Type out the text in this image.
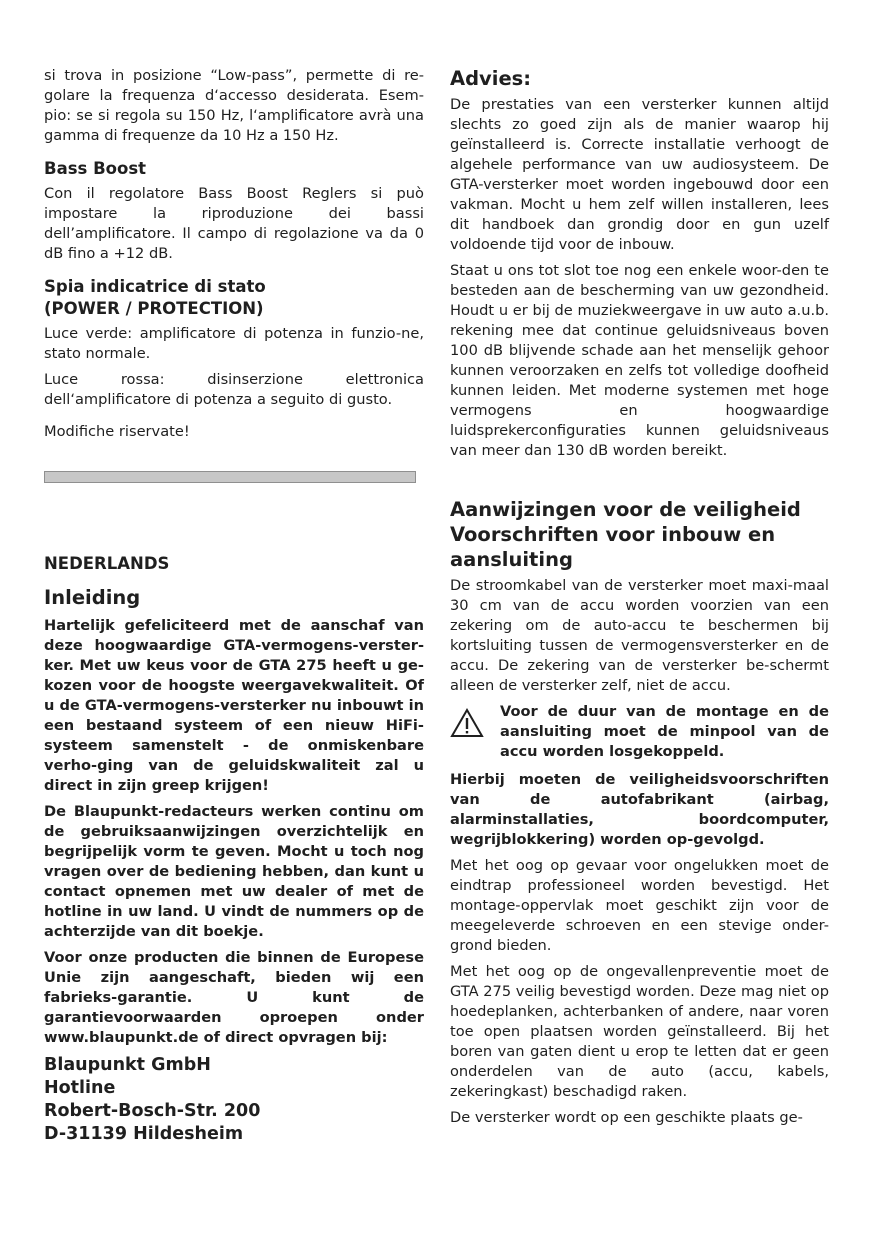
si trova in posizione “Low-pass”, permette di re-golare la frequenza d‘accesso desiderata. Esem-pio: se si regola su 150 Hz, l‘amplificatore avrà una gamma di frequenze da 10 Hz a 150 Hz.

Bass Boost

Con il regolatore Bass Boost Reglers si può impostare la riproduzione dei bassi dell’amplificatore. Il campo di regolazione va da 0 dB fino a +12 dB.

Spia indicatrice di stato
(POWER / PROTECTION)

Luce verde: amplificatore di potenza in funzio-ne, stato normale.

Luce rossa: disinserzione elettronica dell‘amplificatore di potenza a seguito di gusto.

Modifiche riservate!

NEDERLANDS
Inleiding

Hartelijk gefeliciteerd met de aanschaf van deze hoogwaardige GTA-vermogens-verster-ker. Met uw keus voor de GTA 275 heeft u ge-kozen voor de hoogste weergavekwaliteit. Of u de GTA-vermogens-versterker nu inbouwt in een bestaand systeem of een nieuw HiFi-systeem samenstelt - de onmiskenbare verho-ging van de geluidskwaliteit zal u direct in zijn greep krijgen!

De Blaupunkt-redacteurs werken continu om de gebruiksaanwijzingen overzichtelijk en begrijpelijk vorm te geven. Mocht u toch nog vragen over de bediening hebben, dan kunt u contact opnemen met uw dealer of met de hotline in uw land. U vindt de nummers op de achterzijde van dit boekje.

Voor onze producten die binnen de Europese Unie zijn aangeschaft, bieden wij een fabrieks-garantie. U kunt de garantievoorwaarden oproepen onder www.blaupunkt.de of direct opvragen bij:

Blaupunkt GmbH
Hotline
Robert-Bosch-Str. 200
D-31139 Hildesheim
Advies:

De prestaties van een versterker kunnen altijd slechts zo goed zijn als de manier waarop hij geïnstalleerd is. Correcte installatie verhoogt de algehele performance van uw audiosysteem. De GTA-versterker moet worden ingebouwd door een vakman. Mocht u hem zelf willen installeren, lees dit handboek dan grondig door en gun uzelf voldoende tijd voor de inbouw.

Staat u ons tot slot toe nog een enkele woor-den te besteden aan de bescherming van uw gezondheid. Houdt u er bij de muziekweergave in uw auto a.u.b. rekening mee dat continue geluidsniveaus boven 100 dB blijvende schade aan het menselijk gehoor kunnen veroorzaken en zelfs tot volledige doofheid kunnen leiden. Met moderne systemen met hoge vermogens en hoogwaardige luidsprekerconfiguraties kunnen geluidsniveaus van meer dan 130 dB worden bereikt.

Aanwijzingen voor de veiligheid Voorschriften voor inbouw en aansluiting

De stroomkabel van de versterker moet maxi-maal 30 cm van de accu worden voorzien van een zekering om de auto-accu te beschermen bij kortsluiting tussen de vermogensversterker en de accu. De zekering van de versterker be-schermt alleen de versterker zelf, niet de accu.

Voor de duur van de montage en de aansluiting moet de minpool van de accu worden losgekoppeld.

Hierbij moeten de veiligheidsvoorschriften van de autofabrikant (airbag, alarminstallaties, boordcomputer, wegrijblokkering) worden op-gevolgd.

Met het oog op gevaar voor ongelukken moet de eindtrap professioneel worden bevestigd. Het montage-oppervlak moet geschikt zijn voor de meegeleverde schroeven en een stevige onder-grond bieden.

Met het oog op de ongevallenpreventie moet de GTA 275 veilig bevestigd worden. Deze mag niet op hoedeplanken, achterbanken of andere, naar voren toe open plaatsen worden geïnstalleerd. Bij het boren van gaten dient u erop te letten dat er geen onderdelen van de auto (accu, kabels, zekeringkast) beschadigd raken.

De versterker wordt op een geschikte plaats ge-
